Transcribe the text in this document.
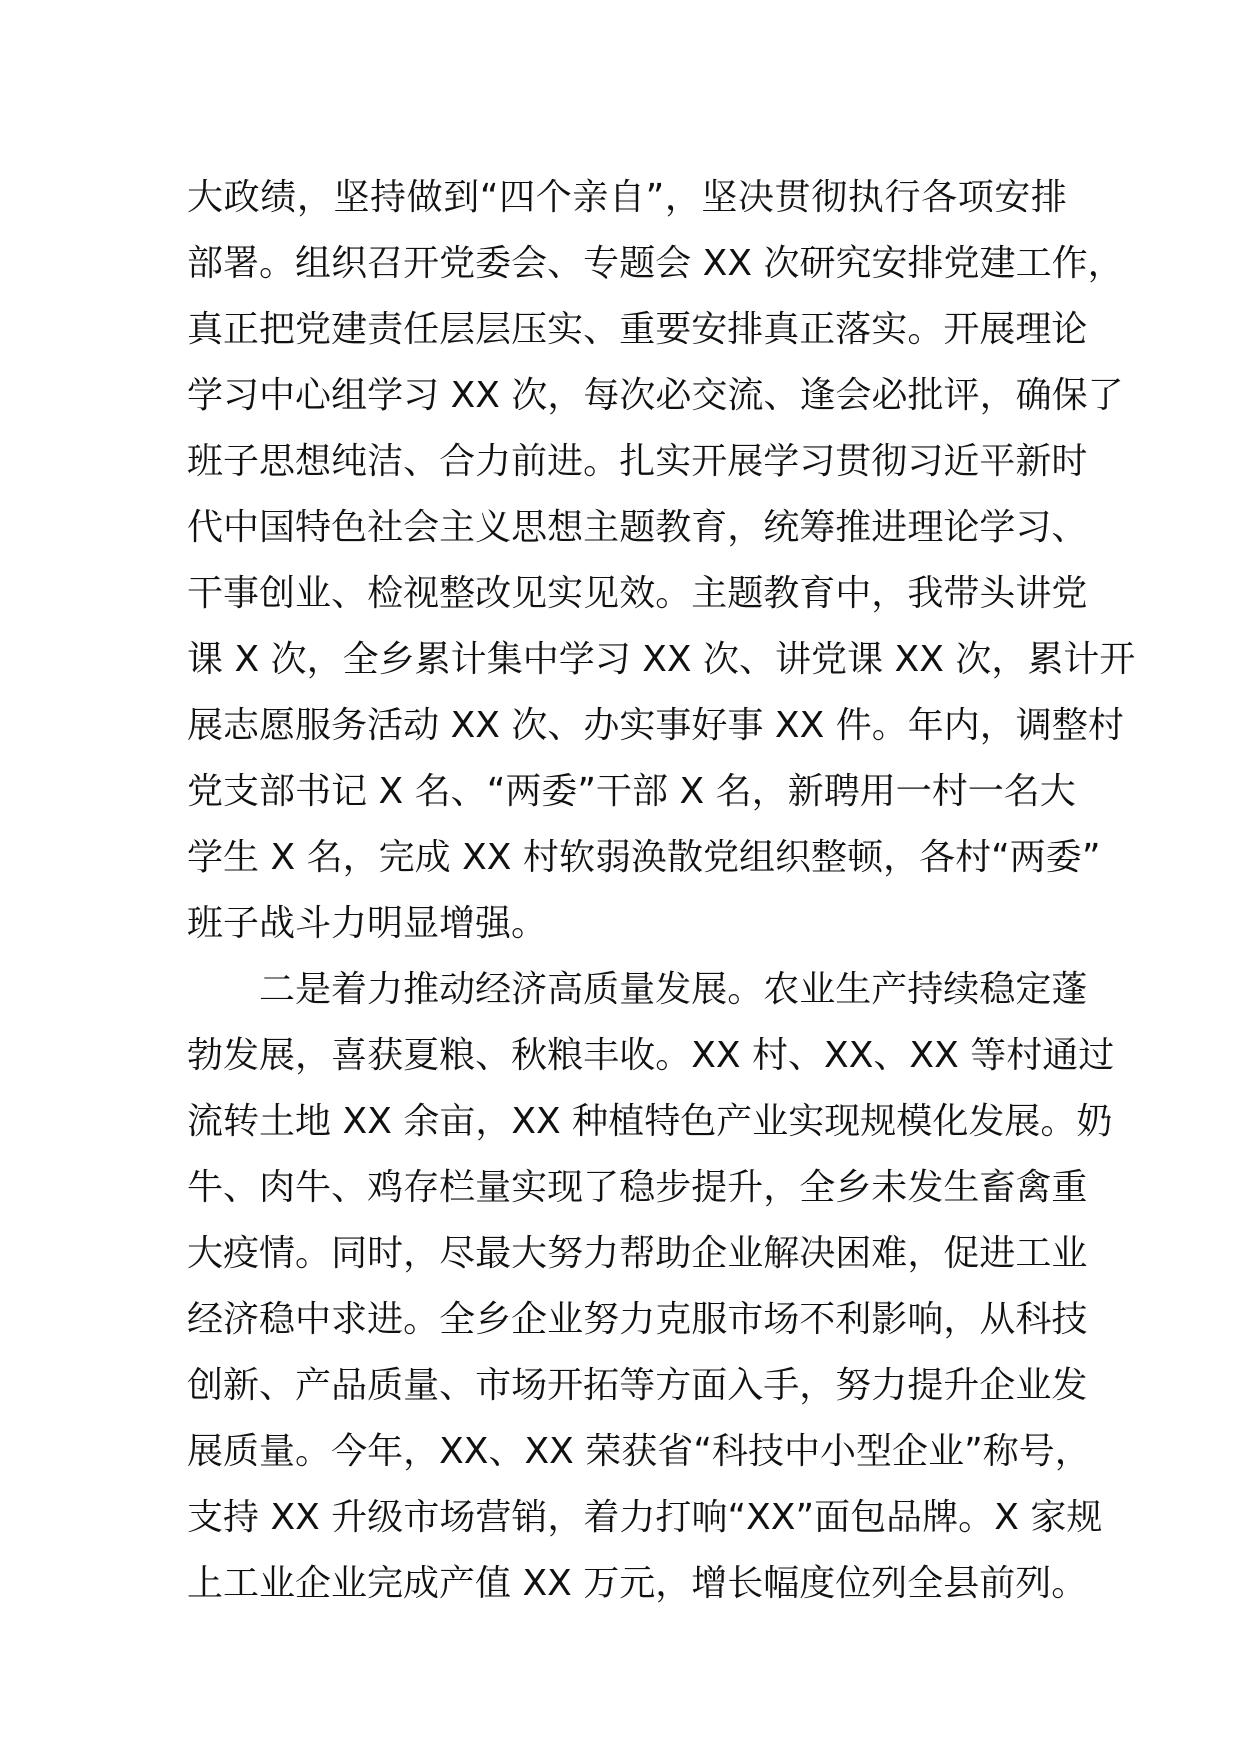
大 政 绩 ， 坚 持 做 到 “ 四 个 亲 自 ” ， 坚 决 贯 彻 执 行 各 项 安 排
部 署 。 组 织 召 开 党 委 会 、 专 题 会
X X
次 研 究 安 排 党 建 工 作 ，
真 正 把 党 建 责 任 层 层 压 实 、 重 要 安 排 真 正 落 实 。 开 展 理 论
学 习 中 心 组 学 习
X X
次 ， 每 次 必 交 流 、 逢 会 必 批 评 ， 确 保 了
班 子 思 想 纯 洁 、 合 力 前 进 。 扎 实 开 展 学 习 贯 彻 习 近 平 新 时
代 中 国 特 色 社 会 主 义 思 想 主 题 教 育 ， 统 筹 推 进 理 论 学 习 、
干 事 创 业 、 检 视 整 改 见 实 见 效 。 主 题 教 育 中 ， 我 带 头 讲 党
课
X
次 ， 全 乡 累 计 集 中 学 习
X X
次 、 讲 党 课
X X
次 ， 累 计 开
展 志 愿 服 务 活 动
X X
次 、 办 实 事 好 事
X X
件 。 年 内 ， 调 整 村
党 支 部 书 记
X
名 、 “ 两 委 ” 干 部
X
名 ， 新 聘 用 一 村 一 名 大
学 生
X
名 ， 完 成
X X
村 软 弱 涣 散 党 组 织 整 顿 ， 各 村 “ 两 委 ”
班子战斗力明显增强。
二 是 着 力 推 动 经 济 高 质 量 发 展 。 农 业 生 产 持 续 稳 定 蓬
勃 发 展 ， 喜 获 夏 粮 、 秋 粮 丰 收 。 X X
村 、 X X 、 X X
等 村 通 过
流 转 土 地
X X
余 亩 ， X X
种 植 特 色 产 业 实 现 规 模 化 发 展 。 奶
牛 、 肉 牛 、 鸡 存 栏 量 实 现 了 稳 步 提 升 ， 全 乡 未 发 生 畜 禽 重
大 疫 情 。 同 时 ， 尽 最 大 努 力 帮 助 企 业 解 决 困 难 ， 促 进 工 业
经 济 稳 中 求 进 。 全 乡 企 业 努 力 克 服 市 场 不 利 影 响 ， 从 科 技
创 新 、 产 品 质 量 、 市 场 开 拓 等 方 面 入 手 ， 努 力 提 升 企 业 发
展 质 量 。 今 年 ， X X 、 X X
荣 获 省 “ 科 技 中 小 型 企 业 ” 称 号 ，
支 持
X X
升 级 市 场 营 销 ， 着 力 打 响 “ X X ” 面 包 品 牌 。 X
家 规
上工业企业完成产值 XX 万元，增长幅度位列全县前列。
